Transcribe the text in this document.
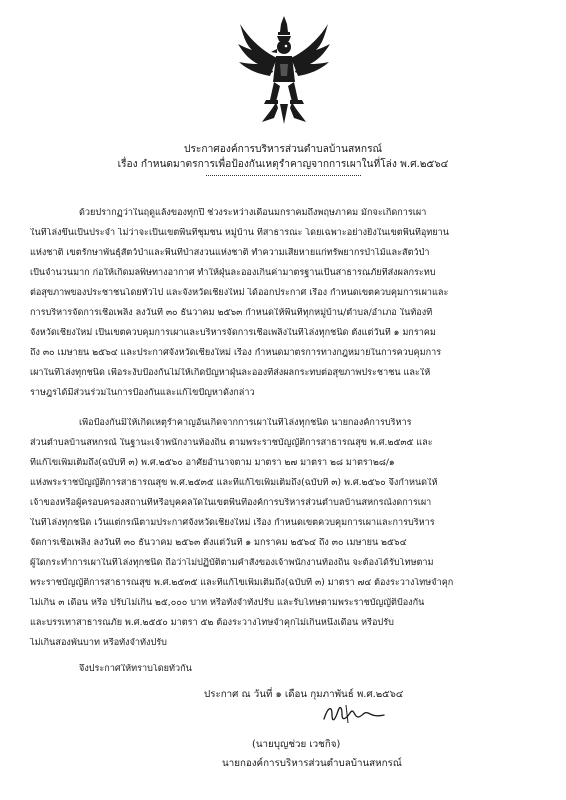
ประกาศองค์การบริหารส่วนตำบลบ้านสหกรณ์
เรื่อง กำหนดมาตรการเพื่อป้องกันเหตุรำคาญจากการเผาในที่โล่ง พ.ศ.๒๕๖๔
ด้วยปรากฏว่าในฤดูแล้งของทุกปี ช่วงระหว่างเดือนมกราคมถึงพฤษภาคม มักจะเกิดการเผา
ในที่โล่งขึ้นเป็นประจำ ไม่ว่าจะเป็นเขตพื้นที่ชุมชน หมู่บ้าน ที่สาธารณะ โดยเฉพาะอย่างยิ่งในเขตพื้นที่อุทยาน
แห่งชาติ เขตรักษาพันธุ์สัตว์ป่าและพื้นที่ป่าสงวนแห่งชาติ ทำความเสียหายแก่ทรัพยากรป่าไม้และสัตว์ป่า
เป็นจำนวนมาก ก่อให้เกิดมลพิษทางอากาศ ทำให้ฝุ่นละอองเกินค่ามาตรฐานเป็นสาธารณภัยที่ส่งผลกระทบ
ต่อสุขภาพของประชาชนโดยทั่วไป และจังหวัดเชียงใหม่ ได้ออกประกาศ เรื่อง กำหนดเขตควบคุมการเผาและ
การบริหารจัดการเชื้อเพลิง ลงวันที่ ๓๐ ธันวาคม ๒๕๖๓ กำหนดให้พื้นที่ทุกหมู่บ้าน/ตำบล/อำเภอ ในท้องที่
จังหวัดเชียงใหม่ เป็นเขตควบคุมการเผาและบริหารจัดการเชื้อเพลิงในที่โล่งทุกชนิด ตั้งแต่วันที่ ๑ มกราคม
ถึง ๓๐ เมษายน ๒๕๖๔ และประกาศจังหวัดเชียงใหม่ เรื่อง กำหนดมาตรการทางกฎหมายในการควบคุมการ
เผาในที่โล่งทุกชนิด เพื่อระงับป้องกันไม่ให้เกิดปัญหาฝุ่นละอองที่ส่งผลกระทบต่อสุขภาพประชาชน และให้
ราษฎรได้มีส่วนร่วมในการป้องกันและแก้ไขปัญหาดังกล่าว
เพื่อป้องกันมิให้เกิดเหตุรำคาญอันเกิดจากการเผาในที่โล่งทุกชนิด นายกองค์การบริหาร
ส่วนตำบลบ้านสหกรณ์ ในฐานะเจ้าพนักงานท้องถิ่น ตามพระราชบัญญัติการสาธารณสุข พ.ศ.๒๕๓๕ และ
ที่แก้ไขเพิ่มเติมถึง(ฉบับที่ ๓) พ.ศ.๒๕๖๐ อาศัยอำนาจตาม มาตรา ๒๗ มาตรา ๒๘ มาตรา๒๘/๑
แห่งพระราชบัญญัติการสาธารณสุข พ.ศ.๒๕๓๕ และที่แก้ไขเพิ่มเติมถึง(ฉบับที่ ๓) พ.ศ.๒๕๖๐ จึงกำหนดให้
เจ้าของหรือผู้ครอบครองสถานที่หรือบุคคลใดในเขตพื้นที่องค์การบริหารส่วนตำบลบ้านสหกรณ์งดการเผา
ในที่โล่งทุกชนิด เว้นแต่กรณีตามประกาศจังหวัดเชียงใหม่ เรื่อง กำหนดเขตควบคุมการเผาและการบริหาร
จัดการเชื้อเพลิง ลงวันที่ ๓๐ ธันวาคม ๒๕๖๓ ตั้งแต่วันที่ ๑ มกราคม ๒๕๖๔ ถึง ๓๐ เมษายน ๒๕๖๔
ผู้ใดกระทำการเผาในที่โล่งทุกชนิด ถือว่าไม่ปฏิบัติตามคำสั่งของเจ้าพนักงานท้องถิ่น จะต้องได้รับโทษตาม
พระราชบัญญัติการสาธารณสุข พ.ศ.๒๕๓๕ และที่แก้ไขเพิ่มเติมถึง(ฉบับที่ ๓) มาตรา ๗๔ ต้องระวางโทษจำคุก
ไม่เกิน ๓ เดือน หรือ ปรับไม่เกิน ๒๕,๐๐๐ บาท หรือทั้งจำทั้งปรับ และรับโทษตามพระราชบัญญัติป้องกัน
และบรรเทาสาธารณภัย พ.ศ.๒๕๕๐ มาตรา ๕๒ ต้องระวางโทษจำคุกไม่เกินหนึ่งเดือน หรือปรับ
ไม่เกินสองพันบาท หรือทั้งจำทั้งปรับ
จึงประกาศให้ทราบโดยทั่วกัน
ประกาศ ณ วันที่ ๑ เดือน กุมภาพันธ์ พ.ศ.๒๕๖๔
(นายบุญช่วย เวชกิจ)
นายกองค์การบริหารส่วนตำบลบ้านสหกรณ์
